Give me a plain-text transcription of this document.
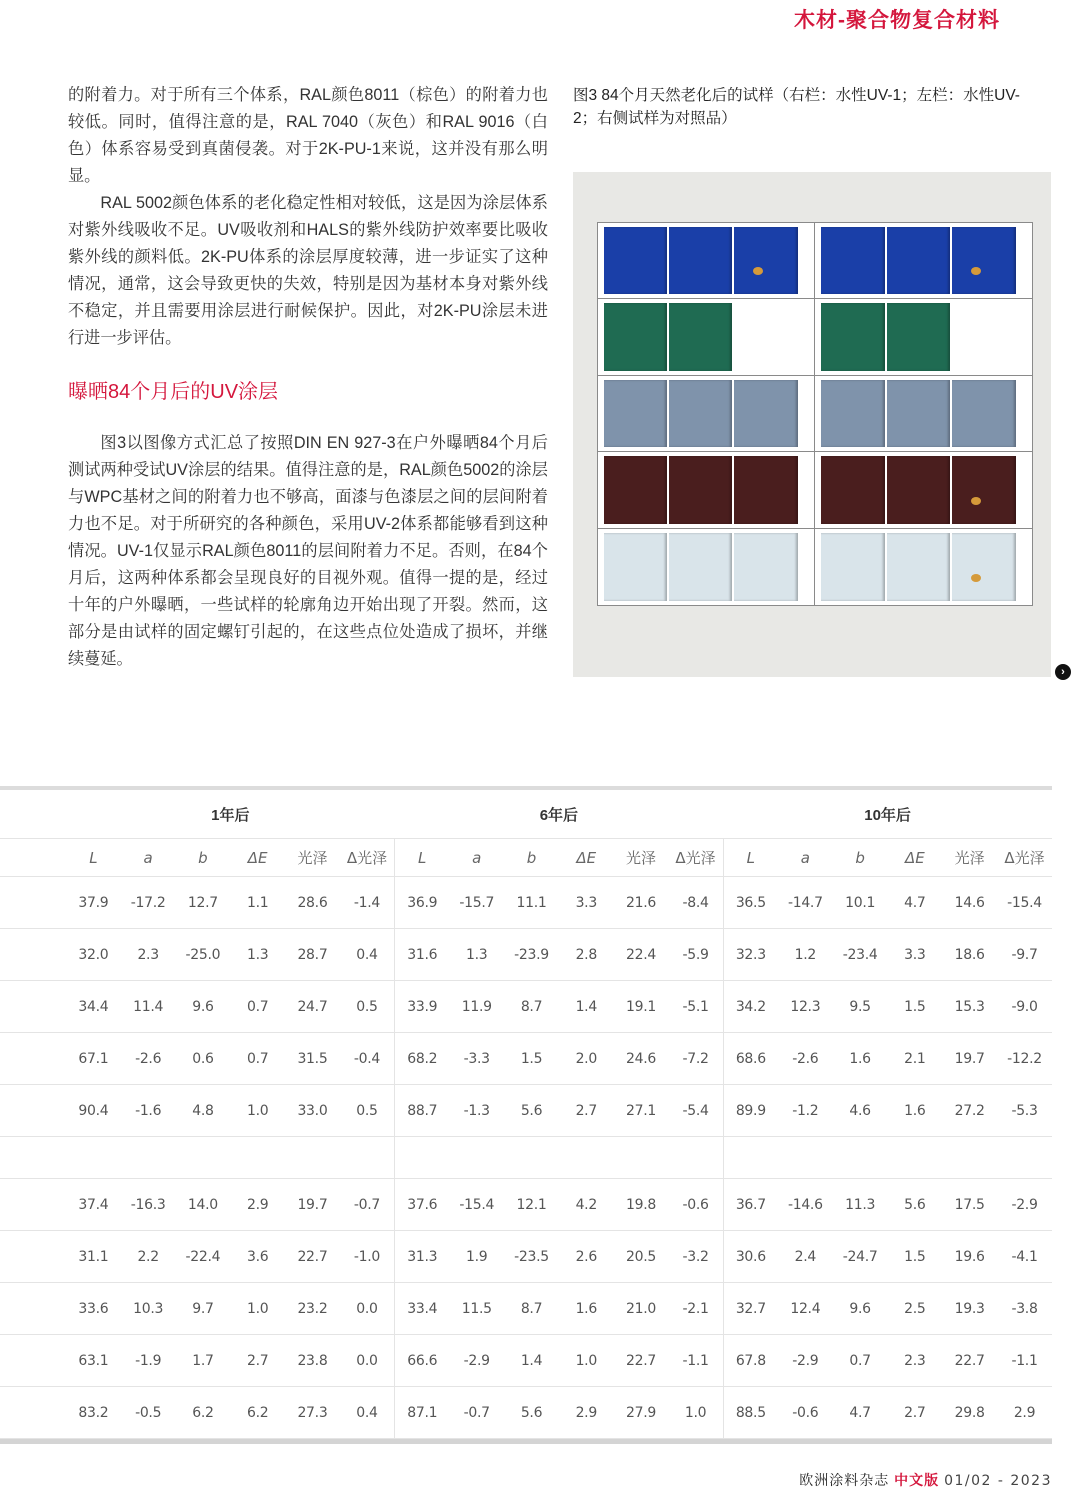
木材-聚合物复合材料

的附着力。对于所有三个体系，RAL颜色8011（棕色）的附着力也较低。同时，值得注意的是，RAL 7040（灰色）和RAL 9016（白色）体系容易受到真菌侵袭。对于2K-PU-1来说，这并没有那么明显。

RAL 5002颜色体系的老化稳定性相对较低，这是因为涂层体系对紫外线吸收不足。UV吸收剂和HALS的紫外线防护效率要比吸收紫外线的颜料低。2K-PU体系的涂层厚度较薄，进一步证实了这种情况，通常，这会导致更快的失效，特别是因为基材本身对紫外线不稳定，并且需要用涂层进行耐候保护。因此，对2K-PU涂层未进行进一步评估。

曝晒84个月后的UV涂层

图3以图像方式汇总了按照DIN EN 927-3在户外曝晒84个月后测试两种受试UV涂层的结果。值得注意的是，RAL颜色5002的涂层与WPC基材之间的附着力也不够高，面漆与色漆层之间的层间附着力也不足。对于所研究的各种颜色，采用UV-2体系都能够看到这种情况。UV-1仅显示RAL颜色8011的层间附着力不足。否则，在84个月后，这两种体系都会呈现良好的目视外观。值得一提的是，经过十年的户外曝晒，一些试样的轮廓角边开始出现了开裂。然而，这部分是由试样的固定螺钉引起的，在这些点位处造成了损坏，并继续蔓延。

图3 84个月天然老化后的试样（右栏：水性UV-1；左栏：水性UV-2；右侧试样为对照品）
›
	1年后						6年后						10年后					
	L	a	b	ΔE	光泽	Δ光泽	L	a	b	ΔE	光泽	Δ光泽	L	a	b	ΔE	光泽	Δ光泽
	37.9	-17.2	12.7	1.1	28.6	-1.4	36.9	-15.7	11.1	3.3	21.6	-8.4	36.5	-14.7	10.1	4.7	14.6	-15.4
	32.0	2.3	-25.0	1.3	28.7	0.4	31.6	1.3	-23.9	2.8	22.4	-5.9	32.3	1.2	-23.4	3.3	18.6	-9.7
	34.4	11.4	9.6	0.7	24.7	0.5	33.9	11.9	8.7	1.4	19.1	-5.1	34.2	12.3	9.5	1.5	15.3	-9.0
	67.1	-2.6	0.6	0.7	31.5	-0.4	68.2	-3.3	1.5	2.0	24.6	-7.2	68.6	-2.6	1.6	2.1	19.7	-12.2
	90.4	-1.6	4.8	1.0	33.0	0.5	88.7	-1.3	5.6	2.7	27.1	-5.4	89.9	-1.2	4.6	1.6	27.2	-5.3

	37.4	-16.3	14.0	2.9	19.7	-0.7	37.6	-15.4	12.1	4.2	19.8	-0.6	36.7	-14.6	11.3	5.6	17.5	-2.9
	31.1	2.2	-22.4	3.6	22.7	-1.0	31.3	1.9	-23.5	2.6	20.5	-3.2	30.6	2.4	-24.7	1.5	19.6	-4.1
	33.6	10.3	9.7	1.0	23.2	0.0	33.4	11.5	8.7	1.6	21.0	-2.1	32.7	12.4	9.6	2.5	19.3	-3.8
	63.1	-1.9	1.7	2.7	23.8	0.0	66.6	-2.9	1.4	1.0	22.7	-1.1	67.8	-2.9	0.7	2.3	22.7	-1.1
	83.2	-0.5	6.2	6.2	27.3	0.4	87.1	-0.7	5.6	2.9	27.9	1.0	88.5	-0.6	4.7	2.7	29.8	2.9
欧洲涂料杂志 中文版 01/02 - 2023
